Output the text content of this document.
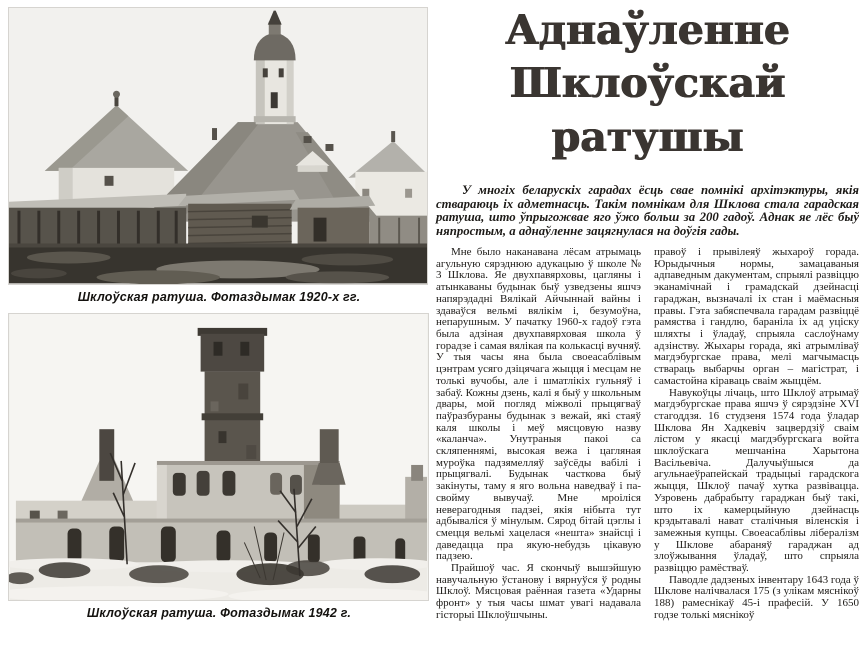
Шклоўская ратуша. Фотаздымак 1920-х гг.
Шклоўская ратуша. Фотаздымак 1942 г.
Аднаўленне
Шклоўскай ратушы

У многіх беларускіх гарадах ёсць свае помнікі архітэктуры, якія ствараюць іх адметнасць. Такім помнікам для Шклова стала гарадская ратуша, што ўпрыгожвае яго ўжо больш за 200 гадоў. Аднак яе лёс быў няпростым, а аднаўленне зацягнулася на доўгія гады.

Мне было наканавана лёсам атрымаць агульную сярэднюю адукацыю ў школе № 3 Шклова. Яе двухпавярховы, цагляны і атынкаваны будынак быў узведзены яшчэ напярэдадні Вялікай Айчыннай вайны і здаваўся вельмі вялікім і, безумоўна, непарушным. У пачатку 1960-х гадоў гэта была адзіная двухпавярховая школа ў горадзе і самая вялікая па колькасці вучняў. У тыя часы яна была своеасаблівым цэнтрам усяго дзіцячага жыцця і месцам не толькі вучобы, але і шматлікіх гульняў і забаў. Кожны дзень, калі я быў у школьным двары, мой погляд міжволі прыцягваў паўразбураны будынак з вежай, які стаяў каля школы і меў мясцовую назву «каланча». Унутраныя пакоі са скляпеннямі, высокая вежа і цагляная муроўка падзямелляў заўсёды вабілі і прыцягвалі. Будынак часткова быў закінуты, таму я яго вольна наведваў і па-свойму вывучаў. Мне мроіліся неверагодныя падзеі, якія нібыта тут адбываліся ў мінулым. Сярод бітай цэглы і смецця вельмі хацелася «нешта» знайсці і даведацца пра якую-небудзь цікавую падзею.

Прайшоў час. Я скончыў вышэйшую навучальную ўстанову і вярнуўся ў родны Шклоў. Мясцовая раённая газета «Ударны фронт» у тыя часы шмат увагі надавала гісторыі Шклоўшчыны.

правоў і прывілеяў жыхароў горада. Юрыдычныя нормы, замацаваныя адпаведным дакументам, спрыялі развіццю эканамічнай і грамадскай дзейнасці гараджан, вызначалі іх стан і маёмасныя правы. Гэта забяспечвала гарадам развіццё рамяства і гандлю, бараніла іх ад уціску шляхты і ўладаў, спрыяла саслоўнаму адзінству. Жыхары горада, які атрымліваў магдэбургскае права, мелі магчымасць ствараць выбарчы орган – магістрат, і самастойна кіраваць сваім жыццём.

Навукоўцы лічаць, што Шклоў атрымаў магдэбургскае права яшчэ ў сярэдзіне XVI стагоддзя. 16 студзеня 1574 года ўладар Шклова Ян Хадкевіч зацвердзіў сваім лістом у якасці магдэбургскага войта шклоўскага мешчаніна Харытона Васільевіча. Далучыўшыся да агульнаеўрапейскай традыцыі гарадскога жыцця, Шклоў пачаў хутка развівацца. Узровень дабрабыту гараджан быў такі, што іх камерцыйную дзейнасць крэдытавалі нават сталічныя віленскія і замежныя купцы. Своеасаблівы лібералізм у Шклове абараняў гараджан ад злоўжывання ўладаў, што спрыяла развіццю рамёстваў.

Паводле дадзеных інвентару 1643 года ў Шклове налічвалася 175 (з улікам мяснікоў 188) рамеснікаў 45-і прафесій. У 1650 годзе толькі мяснікоў
